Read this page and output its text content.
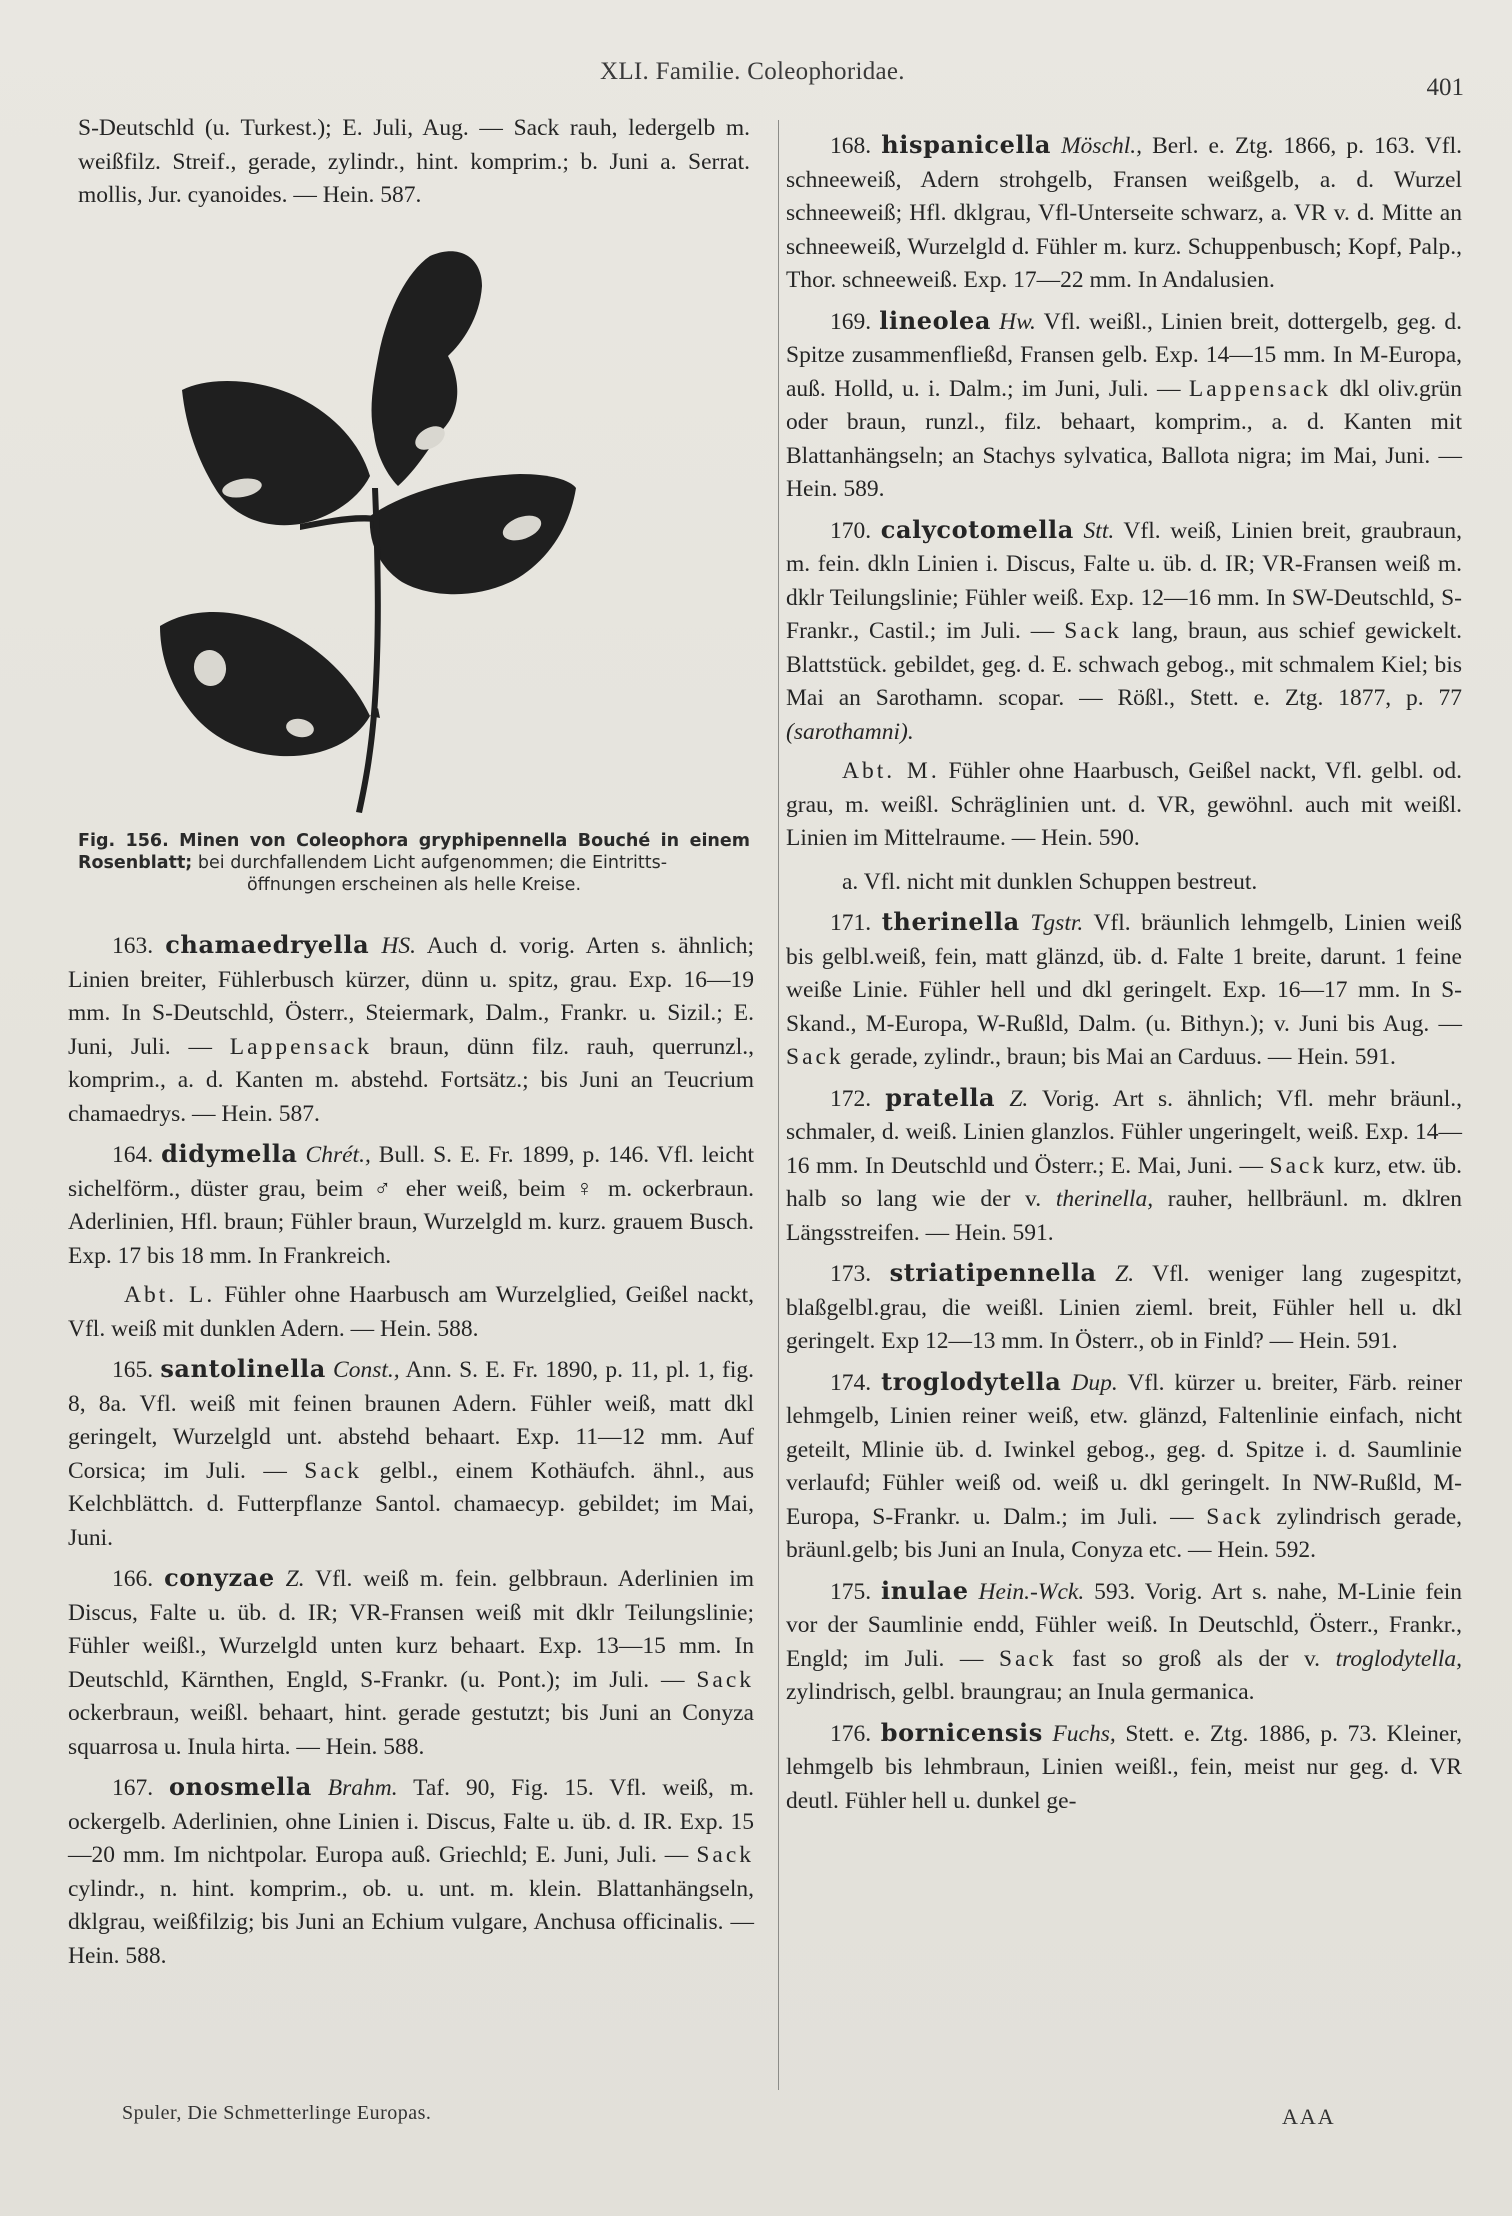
XLI. Familie. Coleophoridae.
401

S-Deutschld (u. Turkest.); E. Juli, Aug. — Sack rauh, ledergelb m. weißfilz. Streif., gerade, zylindr., hint. komprim.; b. Juni a. Serrat. mollis, Jur. cyanoides. — Hein. 587.

Fig. 156. Minen von Coleophora gryphipennella Bouché in einem Rosenblatt; bei durchfallendem Licht aufgenommen; die Eintritts-
öffnungen erscheinen als helle Kreise.

163. chamaedryella HS. Auch d. vorig. Arten s. ähnlich; Linien breiter, Fühlerbusch kürzer, dünn u. spitz, grau. Exp. 16—19 mm. In S-Deutschld, Österr., Steiermark, Dalm., Frankr. u. Sizil.; E. Juni, Juli. — Lappensack braun, dünn filz. rauh, querrunzl., komprim., a. d. Kanten m. abstehd. Fortsätz.; bis Juni an Teucrium chamaedrys. — Hein. 587.

164. didymella Chrét., Bull. S. E. Fr. 1899, p. 146. Vfl. leicht sichelförm., düster grau, beim ♂ eher weiß, beim ♀ m. ockerbraun. Aderlinien, Hfl. braun; Fühler braun, Wurzelgld m. kurz. grauem Busch. Exp. 17 bis 18 mm. In Frankreich.

Abt. L. Fühler ohne Haarbusch am Wurzelglied, Geißel nackt, Vfl. weiß mit dunklen Adern. — Hein. 588.

165. santolinella Const., Ann. S. E. Fr. 1890, p. 11, pl. 1, fig. 8, 8a. Vfl. weiß mit feinen braunen Adern. Fühler weiß, matt dkl geringelt, Wurzelgld unt. abstehd behaart. Exp. 11—12 mm. Auf Corsica; im Juli. — Sack gelbl., einem Kothäufch. ähnl., aus Kelchblättch. d. Futterpflanze Santol. chamaecyp. gebildet; im Mai, Juni.

166. conyzae Z. Vfl. weiß m. fein. gelbbraun. Aderlinien im Discus, Falte u. üb. d. IR; VR-Fransen weiß mit dklr Teilungslinie; Fühler weißl., Wurzelgld unten kurz behaart. Exp. 13—15 mm. In Deutschld, Kärnthen, Engld, S-Frankr. (u. Pont.); im Juli. — Sack ockerbraun, weißl. behaart, hint. gerade gestutzt; bis Juni an Conyza squarrosa u. Inula hirta. — Hein. 588.

167. onosmella Brahm. Taf. 90, Fig. 15. Vfl. weiß, m. ockergelb. Aderlinien, ohne Linien i. Discus, Falte u. üb. d. IR. Exp. 15—20 mm. Im nichtpolar. Europa auß. Griechld; E. Juni, Juli. — Sack cylindr., n. hint. komprim., ob. u. unt. m. klein. Blattanhängseln, dklgrau, weißfilzig; bis Juni an Echium vulgare, Anchusa officinalis. — Hein. 588.

168. hispanicella Möschl., Berl. e. Ztg. 1866, p. 163. Vfl. schneeweiß, Adern strohgelb, Fransen weißgelb, a. d. Wurzel schneeweiß; Hfl. dklgrau, Vfl-Unterseite schwarz, a. VR v. d. Mitte an schneeweiß, Wurzelgld d. Fühler m. kurz. Schuppenbusch; Kopf, Palp., Thor. schneeweiß. Exp. 17—22 mm. In Andalusien.

169. lineolea Hw. Vfl. weißl., Linien breit, dottergelb, geg. d. Spitze zusammenfließd, Fransen gelb. Exp. 14—15 mm. In M-Europa, auß. Holld, u. i. Dalm.; im Juni, Juli. — Lappensack dkl oliv.grün oder braun, runzl., filz. behaart, komprim., a. d. Kanten mit Blattanhängseln; an Stachys sylvatica, Ballota nigra; im Mai, Juni. — Hein. 589.

170. calycotomella Stt. Vfl. weiß, Linien breit, graubraun, m. fein. dkln Linien i. Discus, Falte u. üb. d. IR; VR-Fransen weiß m. dklr Teilungslinie; Fühler weiß. Exp. 12—16 mm. In SW-Deutschld, S-Frankr., Castil.; im Juli. — Sack lang, braun, aus schief gewickelt. Blattstück. gebildet, geg. d. E. schwach gebog., mit schmalem Kiel; bis Mai an Sarothamn. scopar. — Rößl., Stett. e. Ztg. 1877, p. 77 (sarothamni).

Abt. M. Fühler ohne Haarbusch, Geißel nackt, Vfl. gelbl. od. grau, m. weißl. Schräglinien unt. d. VR, gewöhnl. auch mit weißl. Linien im Mittelraume. — Hein. 590.

a. Vfl. nicht mit dunklen Schuppen bestreut.

171. therinella Tgstr. Vfl. bräunlich lehmgelb, Linien weiß bis gelbl.weiß, fein, matt glänzd, üb. d. Falte 1 breite, darunt. 1 feine weiße Linie. Fühler hell und dkl geringelt. Exp. 16—17 mm. In S-Skand., M-Europa, W-Rußld, Dalm. (u. Bithyn.); v. Juni bis Aug. — Sack gerade, zylindr., braun; bis Mai an Carduus. — Hein. 591.

172. pratella Z. Vorig. Art s. ähnlich; Vfl. mehr bräunl., schmaler, d. weiß. Linien glanzlos. Fühler ungeringelt, weiß. Exp. 14—16 mm. In Deutschld und Österr.; E. Mai, Juni. — Sack kurz, etw. üb. halb so lang wie der v. therinella, rauher, hellbräunl. m. dklren Längsstreifen. — Hein. 591.

173. striatipennella Z. Vfl. weniger lang zugespitzt, blaßgelbl.grau, die weißl. Linien zieml. breit, Fühler hell u. dkl geringelt. Exp 12—13 mm. In Österr., ob in Finld? — Hein. 591.

174. troglodytella Dup. Vfl. kürzer u. breiter, Färb. reiner lehmgelb, Linien reiner weiß, etw. glänzd, Faltenlinie einfach, nicht geteilt, Mlinie üb. d. Iwinkel gebog., geg. d. Spitze i. d. Saumlinie verlaufd; Fühler weiß od. weiß u. dkl geringelt. In NW-Rußld, M-Europa, S-Frankr. u. Dalm.; im Juli. — Sack zylindrisch gerade, bräunl.gelb; bis Juni an Inula, Conyza etc. — Hein. 592.

175. inulae Hein.-Wck. 593. Vorig. Art s. nahe, M-Linie fein vor der Saumlinie endd, Fühler weiß. In Deutschld, Österr., Frankr., Engld; im Juli. — Sack fast so groß als der v. troglodytella, zylindrisch, gelbl. braungrau; an Inula germanica.

176. bornicensis Fuchs, Stett. e. Ztg. 1886, p. 73. Kleiner, lehmgelb bis lehmbraun, Linien weißl., fein, meist nur geg. d. VR deutl. Fühler hell u. dunkel ge-

Spuler, Die Schmetterlinge Europas.	AAA
